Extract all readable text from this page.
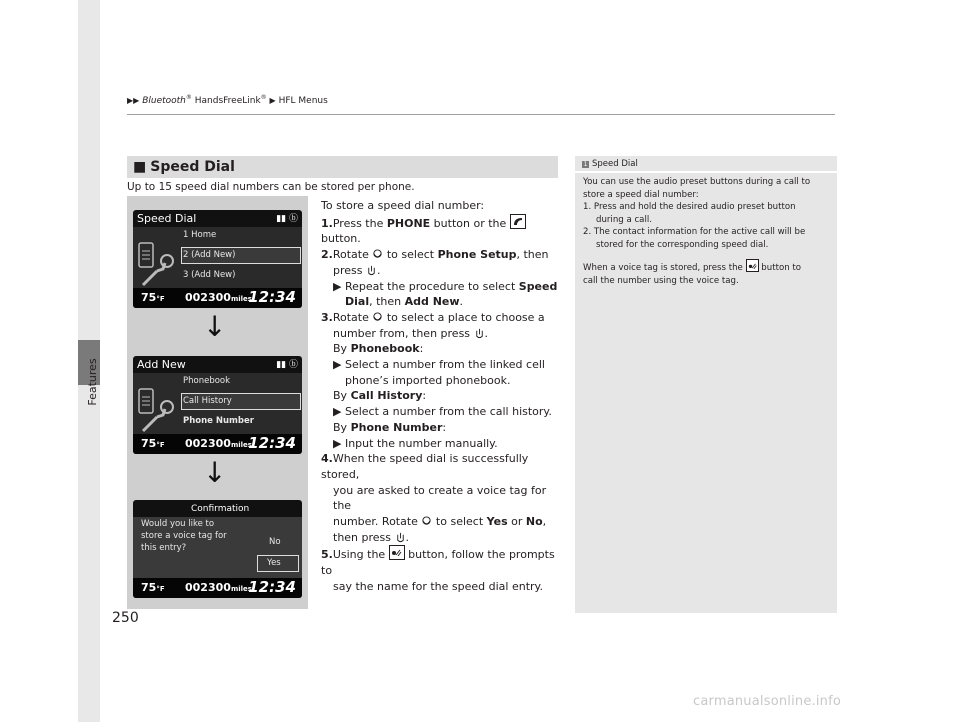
Features
▶▶ Bluetooth® HandsFreeLink® ▶ HFL Menus
■ Speed Dial
Up to 15 speed dial numbers can be stored per phone.
Speed Dial	▮▮ ⓑ
1 Home
2 (Add New)
3 (Add New)
75°F 002300miles
12:34
↓
Add New	▮▮ ⓑ
Phonebook
Call History
Phone Number
75°F 002300miles
12:34
↓
Confirmation
Would you like to
store a voice tag for
this entry?
No
Yes
75°F 002300miles
12:34

To store a speed dial number:

1.Press the PHONE button or the
button.

2.Rotate  to select Phone Setup, then

press .

▶ Repeat the procedure to select Speed

Dial, then Add New.

3.Rotate  to select a place to choose a

number from, then press .

By Phonebook:

▶ Select a number from the linked cell

phone’s imported phonebook.

By Call History:

▶ Select a number from the call history.

By Phone Number:

▶ Input the number manually.

4.When the speed dial is successfully stored,

you are asked to create a voice tag for the

number. Rotate  to select Yes or No,

then press .

5.Using the
button, follow the prompts to

say the name for the speed dial entry.

1 Speed Dial

You can use the audio preset buttons during a call to

store a speed dial number:

1. Press and hold the desired audio preset button

during a call.

2. The contact information for the active call will be

stored for the corresponding speed dial.

When a voice tag is stored, press the
button to

call the number using the voice tag.

250
carmanualsonline.info
